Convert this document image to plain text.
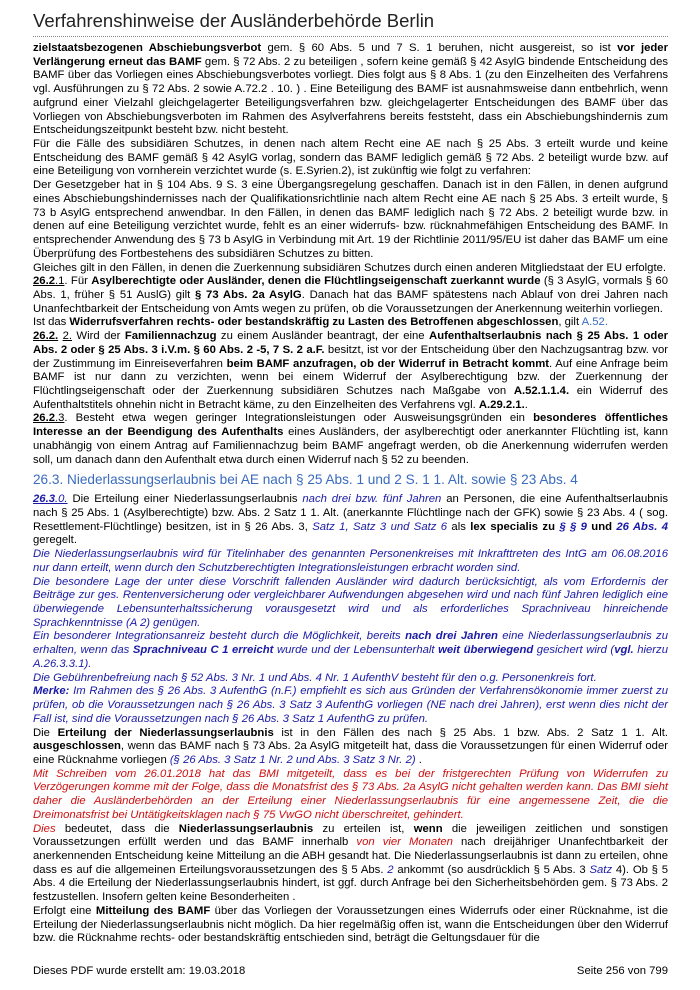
Verfahrenshinweise der Ausländerbehörde Berlin

zielstaatsbezogenen Abschiebungsverbot gem. § 60 Abs. 5 und 7 S. 1 beruhen, nicht ausgereist, so ist vor jeder Verlängerung erneut das BAMF gem. § 72 Abs. 2 zu beteiligen , sofern keine gemäß § 42 AsylG bindende Entscheidung des BAMF über das Vorliegen eines Abschiebungsverbotes vorliegt. Dies folgt aus § 8 Abs. 1 (zu den Einzelheiten des Verfahrens vgl. Ausführungen zu § 72 Abs. 2 sowie A.72.2 . 10. ) . Eine Beteiligung des BAMF ist ausnahmsweise dann entbehrlich, wenn aufgrund einer Vielzahl gleichgelagerter Beteiligungsverfahren bzw. gleichgelagerter Entscheidungen des BAMF über das Vorliegen von Abschiebungsverboten im Rahmen des Asylverfahrens bereits feststeht, dass ein Abschiebungshindernis zum Entscheidungszeitpunkt besteht bzw. nicht besteht.

Für die Fälle des subsidiären Schutzes, in denen nach altem Recht eine AE nach § 25 Abs. 3 erteilt wurde und keine Entscheidung des BAMF gemäß § 42 AsylG vorlag, sondern das BAMF lediglich gemäß § 72 Abs. 2 beteiligt wurde bzw. auf eine Beteiligung von vornherein verzichtet wurde (s. E.Syrien.2), ist zukünftig wie folgt zu verfahren:

Der Gesetzgeber hat in § 104 Abs. 9 S. 3 eine Übergangsregelung geschaffen. Danach ist in den Fällen, in denen aufgrund eines Abschiebungshindernisses nach der Qualifikationsrichtlinie nach altem Recht eine AE nach § 25 Abs. 3 erteilt wurde, § 73 b AsylG entsprechend anwendbar. In den Fällen, in denen das BAMF lediglich nach § 72 Abs. 2 beteiligt wurde bzw. in denen auf eine Beteiligung verzichtet wurde, fehlt es an einer widerrufs- bzw. rücknahmefähigen Entscheidung des BAMF. In entsprechender Anwendung des § 73 b AsylG in Verbindung mit Art. 19 der Richtlinie 2011/95/EU ist daher das BAMF um eine Überprüfung des Fortbestehens des subsidiären Schutzes zu bitten.

Gleiches gilt in den Fällen, in denen die Zuerkennung subsidiären Schutzes durch einen anderen Mitgliedstaat der EU erfolgte.

26.2.1. Für Asylberechtigte oder Ausländer, denen die Flüchtlingseigenschaft zuerkannt wurde (§ 3 AsylG, vormals § 60 Abs. 1, früher § 51 AuslG) gilt § 73 Abs. 2a AsylG. Danach hat das BAMF spätestens nach Ablauf von drei Jahren nach Unanfechtbarkeit der Entscheidung von Amts wegen zu prüfen, ob die Voraussetzungen der Anerkennung weiterhin vorliegen.

Ist das Widerrufsverfahren rechts- oder bestandskräftig zu Lasten des Betroffenen abgeschlossen, gilt A.52.

26.2. 2. Wird der Familiennachzug zu einem Ausländer beantragt, der eine Aufenthaltserlaubnis nach § 25 Abs. 1 oder Abs. 2 oder § 25 Abs. 3 i.V.m. § 60 Abs. 2 -5, 7 S. 2 a.F. besitzt, ist vor der Entscheidung über den Nachzugsantrag bzw. vor der Zustimmung im Einreiseverfahren beim BAMF anzufragen, ob der Widerruf in Betracht kommt. Auf eine Anfrage beim BAMF ist nur dann zu verzichten, wenn bei einem Widerruf der Asylberechtigung bzw. der Zuerkennung der Flüchtlingseigenschaft oder der Zuerkennung subsidiären Schutzes nach Maßgabe von A.52.1.1.4. ein Widerruf des Aufenthaltstitels ohnehin nicht in Betracht käme, zu den Einzelheiten des Verfahrens vgl. A.29.2.1..

26.2.3. Besteht etwa wegen geringer Integrationsleistungen oder Ausweisungsgründen ein besonderes öffentliches Interesse an der Beendigung des Aufenthalts eines Ausländers, der asylberechtigt oder anerkannter Flüchtling ist, kann unabhängig von einem Antrag auf Familiennachzug beim BAMF angefragt werden, ob die Anerkennung widerrufen werden soll, um danach dann den Aufenthalt etwa durch einen Widerruf nach § 52 zu beenden.

26.3. Niederlassungserlaubnis bei AE nach § 25 Abs. 1 und 2 S. 1 1. Alt. sowie § 23 Abs. 4

26.3.0. Die Erteilung einer Niederlassungserlaubnis nach drei bzw. fünf Jahren an Personen, die eine Aufenthaltserlaubnis nach § 25 Abs. 1 (Asylberechtigte) bzw. Abs. 2 Satz 1 1. Alt. (anerkannte Flüchtlinge nach der GFK) sowie § 23 Abs. 4 ( sog. Resettlement-Flüchtlinge) besitzen, ist in § 26 Abs. 3, Satz 1, Satz 3 und Satz 6 als lex specialis zu § § 9 und 26 Abs. 4 geregelt.

Die Niederlassungserlaubnis wird für Titelinhaber des genannten Personenkreises mit Inkrafttreten des IntG am 06.08.2016 nur dann erteilt, wenn durch den Schutzberechtigten Integrationsleistungen erbracht worden sind.

Die besondere Lage der unter diese Vorschrift fallenden Ausländer wird dadurch berücksichtigt, als vom Erfordernis der Beiträge zur ges. Rentenversicherung oder vergleichbarer Aufwendungen abgesehen wird und nach fünf Jahren lediglich eine überwiegende Lebensunterhaltssicherung vorausgesetzt wird und als erforderliches Sprachniveau hinreichende Sprachkenntnisse (A 2) genügen.

Ein besonderer Integrationsanreiz besteht durch die Möglichkeit, bereits nach drei Jahren eine Niederlassungserlaubnis zu erhalten, wenn das Sprachniveau C 1 erreicht wurde und der Lebensunterhalt weit überwiegend gesichert wird (vgl. hierzu A.26.3.3.1).

Die Gebührenbefreiung nach § 52 Abs. 3 Nr. 1 und Abs. 4 Nr. 1 AufenthV besteht für den o.g. Personenkreis fort.

Merke: Im Rahmen des § 26 Abs. 3 AufenthG (n.F.) empfiehlt es sich aus Gründen der Verfahrensökonomie immer zuerst zu prüfen, ob die Voraussetzungen nach § 26 Abs. 3 Satz 3 AufenthG vorliegen (NE nach drei Jahren), erst wenn dies nicht der Fall ist, sind die Voraussetzungen nach § 26 Abs. 3 Satz 1 AufenthG zu prüfen.

Die Erteilung der Niederlassungserlaubnis ist in den Fällen des nach § 25 Abs. 1 bzw. Abs. 2 Satz 1 1. Alt. ausgeschlossen, wenn das BAMF nach § 73 Abs. 2a AsylG mitgeteilt hat, dass die Voraussetzungen für einen Widerruf oder eine Rücknahme vorliegen (§ 26 Abs. 3 Satz 1 Nr. 2 und Abs. 3 Satz 3 Nr. 2) .

Mit Schreiben vom 26.01.2018 hat das BMI mitgeteilt, dass es bei der fristgerechten Prüfung von Widerrufen zu Verzögerungen komme mit der Folge, dass die Monatsfrist des § 73 Abs. 2a AsylG nicht gehalten werden kann. Das BMI sieht daher die Ausländerbehörden an der Erteilung einer Niederlassungserlaubnis für eine angemessene Zeit, die die Dreimonatsfrist bei Untätigkeitsklagen nach § 75 VwGO nicht überschreitet, gehindert.

Dies bedeutet, dass die Niederlassungserlaubnis zu erteilen ist, wenn die jeweiligen zeitlichen und sonstigen Voraussetzungen erfüllt werden und das BAMF innerhalb von vier Monaten nach dreijähriger Unanfechtbarkeit der anerkennenden Entscheidung keine Mitteilung an die ABH gesandt hat. Die Niederlassungserlaubnis ist dann zu erteilen, ohne dass es auf die allgemeinen Erteilungsvoraussetzungen des § 5 Abs. 2 ankommt (so ausdrücklich § 5 Abs. 3 Satz 4). Ob § 5 Abs. 4 die Erteilung der Niederlassungserlaubnis hindert, ist ggf. durch Anfrage bei den Sicherheitsbehörden gem. § 73 Abs. 2 festzustellen. Insofern gelten keine Besonderheiten .

Erfolgt eine Mitteilung des BAMF über das Vorliegen der Voraussetzungen eines Widerrufs oder einer Rücknahme, ist die Erteilung der Niederlassungserlaubnis nicht möglich. Da hier regelmäßig offen ist, wann die Entscheidungen über den Widerruf bzw. die Rücknahme rechts- oder bestandskräftig entschieden sind, beträgt die Geltungsdauer für die

Dieses PDF wurde erstellt am: 19.03.2018	Seite 256 von 799
